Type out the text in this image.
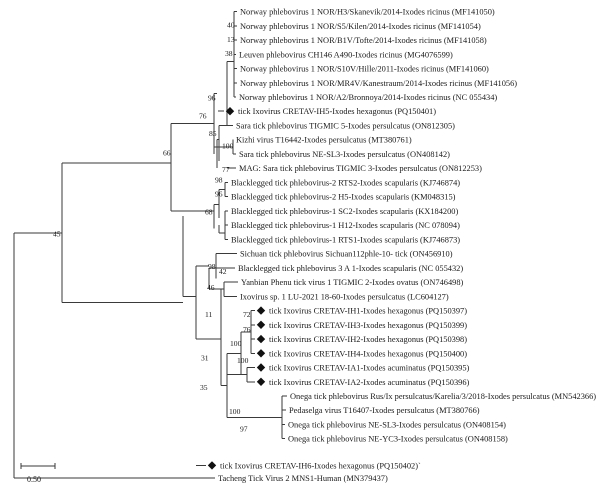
Norway phlebovirus 1 NOR/H3/Skanevik/2014-Ixodes ricinus (MF141050)
Norway phlebovirus 1 NOR/S5/Kilen/2014-Ixodes ricinus (MF141054)
Norway phlebovirus 1 NOR/B1V/Tofte/2014-Ixodes ricinus (MF141058)
Leuven phlebovirus CH146 A490-Ixodes ricinus (MG4076599)
Norway phlebovirus 1 NOR/S10V/Hille/2011-Ixodes ricinus (MF141060)
Norway phlebovirus 1 NOR/MR4V/Kanestraum/2014-Ixodes ricinus (MF141056)
Norway phlebovirus 1 NOR/A2/Bronnoya/2014-Ixodes ricinus (NC 055434)
tick Ixovirus CRETAV-IH5-Ixodes hexagonus (PQ150401)
Sara tick phlebovirus TIGMIC 5-Ixodes persulcatus (ON812305)
Kizhi virus T16442-Ixodes persulcatus (MT380761)
Sara tick phlebovirus NE-SL3-Ixodes persulcatus (ON408142)
MAG: Sara tick phlebovirus TIGMIC 3-Ixodes persulcatus (ON812253)
Blacklegged tick phlebovirus-2 RTS2-Ixodes scapularis (KJ746874)
Blacklegged tick phlebovirus-2 H5-Ixodes scapularis (KM048315)
Blacklegged tick phlebovirus-1 SC2-Ixodes scapularis (KX184200)
Blacklegged tick phlebovirus-1 H12-Ixodes scapularis (NC 078094)
Blacklegged tick phlebovirus-1 RTS1-Ixodes scapularis (KJ746873)
Sichuan tick phlebovirus Sichuan112phle-10- tick (ON456910)
Blacklegged tick phlebovirus 3 A 1-Ixodes scapularis (NC 055432)
Yanbian Phenu tick virus 1 TIGMIC 2-Ixodes ovatus (ON746498)
Ixovirus sp. 1 LU-2021 18-60-Ixodes persulcatus (LC604127)
tick Ixovirus CRETAV-IH1-Ixodes hexagonus (PQ150397)
tick Ixovirus CRETAV-IH3-Ixodes hexagonus (PQ150399)
tick Ixovirus CRETAV-IH2-Ixodes hexagonus (PQ150398)
tick Ixovirus CRETAV-IH4-Ixodes hexagonus (PQ150400)
tick Ixovirus CRETAV-IA1-Ixodes acuminatus (PQ150395)
tick Ixovirus CRETAV-IA2-Ixodes acuminatus (PQ150396)
Onega tick phlebovirus Rus/Ix persulcatus/Karelia/3/2018-Ixodes persulcatus (MN542366)
Pedaselga virus T16407-Ixodes persulcatus (MT380766)
Onega tick phlebovirus NE-SL3-Ixodes persulcatus (ON408154)
Onega tick phlebovirus NE-YC3-Ixodes persulcatus (ON408158)
tick Ixovirus CRETAV-IH6-Ixodes hexagonus (PQ150402)`
Tacheng Tick Virus 2 MNS1-Human (MN379437)
40
13
38
96
76
66
85
100
77
98
96
68
45
98
42
46
11	72
76
100
31	100
35
100
97
0.50
